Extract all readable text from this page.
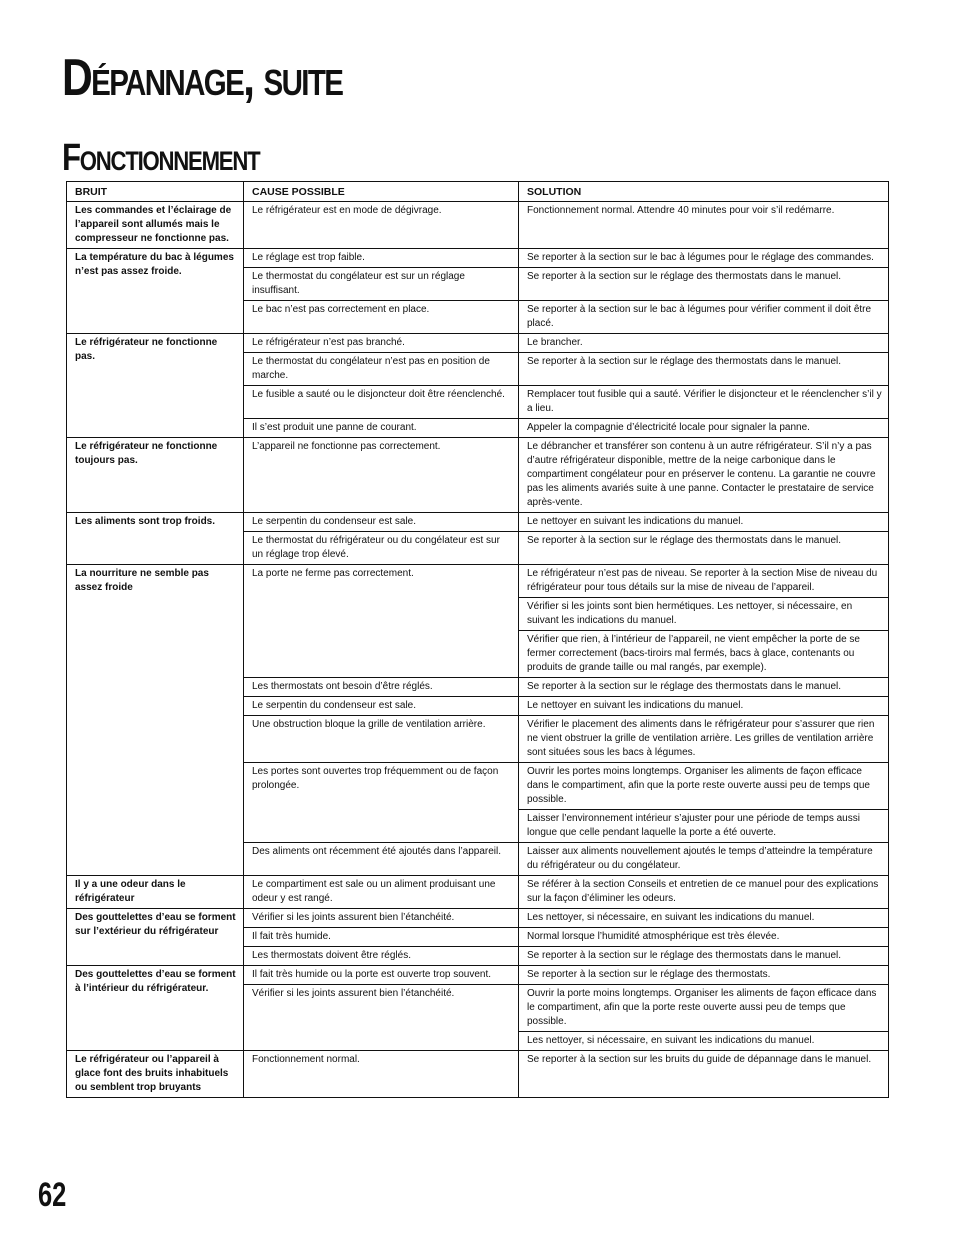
Dépannage, suite
Fonctionnement
BRUIT	CAUSE POSSIBLE	SOLUTION
Les commandes et l’éclairage de l’appareil sont allumés mais le compresseur ne fonctionne pas.	Le réfrigérateur est en mode de dégivrage.	Fonctionnement normal. Attendre 40 minutes pour voir s’il redémarre.
La température du bac à légumes n’est pas assez froide.	Le réglage est trop faible.	Se reporter à la section sur le bac à légumes pour le réglage des commandes.
	Le thermostat du congélateur est sur un réglage insuffisant.	Se reporter à la section sur le réglage des thermostats dans le manuel.
	Le bac n’est pas correctement en place.	Se reporter à la section sur le bac à légumes pour vérifier comment il doit être placé.
Le réfrigérateur ne fonctionne pas.	Le réfrigérateur n’est pas branché.	Le brancher.
	Le thermostat du congélateur n’est pas en position de marche.	Se reporter à la section sur le réglage des thermostats dans le manuel.
	Le fusible a sauté ou le disjoncteur doit être réenclenché.	Remplacer tout fusible qui a sauté. Vérifier le disjoncteur et le réenclencher s’il y a lieu.
	Il s’est produit une panne de courant.	Appeler la compagnie d’électricité locale pour signaler la panne.
Le réfrigérateur ne fonctionne toujours pas.	L’appareil ne fonctionne pas correctement.	Le débrancher et transférer son contenu à un autre réfrigérateur. S’il n’y a pas d’autre réfrigérateur disponible, mettre de la neige carbonique dans le compartiment congélateur pour en préserver le contenu. La garantie ne couvre pas les aliments avariés suite à une panne. Contacter le prestataire de service après-vente.
Les aliments sont trop froids.	Le serpentin du condenseur est sale.	Le nettoyer en suivant les indications du manuel.
	Le thermostat du réfrigérateur ou du congélateur est sur un réglage trop élevé.	Se reporter à la section sur le réglage des thermostats dans le manuel.
La nourriture ne semble pas assez froide	La porte ne ferme pas correctement.	Le réfrigérateur n’est pas de niveau. Se reporter à la section Mise de niveau du réfrigérateur pour tous détails sur la mise de niveau de l’appareil.
		Vérifier si les joints sont bien hermétiques. Les nettoyer, si nécessaire, en suivant les indications du manuel.
		Vérifier que rien, à l’intérieur de l’appareil, ne vient empêcher la porte de se fermer correctement (bacs-tiroirs mal fermés, bacs à glace, contenants ou produits de grande taille ou mal rangés, par exemple).
	Les thermostats ont besoin d’être réglés.	Se reporter à la section sur le réglage des thermostats dans le manuel.
	Le serpentin du condenseur est sale.	Le nettoyer en suivant les indications du manuel.
	Une obstruction bloque la grille de ventilation arrière.	Vérifier le placement des aliments dans le réfrigérateur pour s’assurer que rien ne vient obstruer la grille de ventilation arrière. Les grilles de ventilation arrière sont situées sous les bacs à légumes.
	Les portes sont ouvertes trop fréquemment ou de façon prolongée.	Ouvrir les portes moins longtemps. Organiser les aliments de façon efficace dans le compartiment, afin que la porte reste ouverte aussi peu de temps que possible.
		Laisser l’environnement intérieur s’ajuster pour une période de temps aussi longue que celle pendant laquelle la porte a été ouverte.
	Des aliments ont récemment été ajoutés dans l’appareil.	Laisser aux aliments nouvellement ajoutés le temps d’atteindre la température du réfrigérateur ou du congélateur.
Il y a une odeur dans le réfrigérateur	Le compartiment est sale ou un aliment produisant une odeur y est rangé.	Se référer à la section Conseils et entretien de ce manuel pour des explications sur la façon d’éliminer les odeurs.
Des gouttelettes d’eau se forment sur l’extérieur du réfrigérateur	Vérifier si les joints assurent bien l’étanchéité.	Les nettoyer, si nécessaire, en suivant les indications du manuel.
	Il fait très humide.	Normal lorsque l’humidité atmosphérique est très élevée.
	Les thermostats doivent être réglés.	Se reporter à la section sur le réglage des thermostats dans le manuel.
Des gouttelettes d’eau se forment à l’intérieur du réfrigérateur.	Il fait très humide ou la porte est ouverte trop souvent.	Se reporter à la section sur le réglage des thermostats.
	Vérifier si les joints assurent bien l’étanchéité.	Ouvrir la porte moins longtemps. Organiser les aliments de façon efficace dans le compartiment, afin que la porte reste ouverte aussi peu de temps que possible.
		Les nettoyer, si nécessaire, en suivant les indications du manuel.
Le réfrigérateur ou l’appareil à glace font des bruits inhabituels ou semblent trop bruyants	Fonctionnement normal.	Se reporter à la section sur les bruits du guide de dépannage dans le manuel.

62
